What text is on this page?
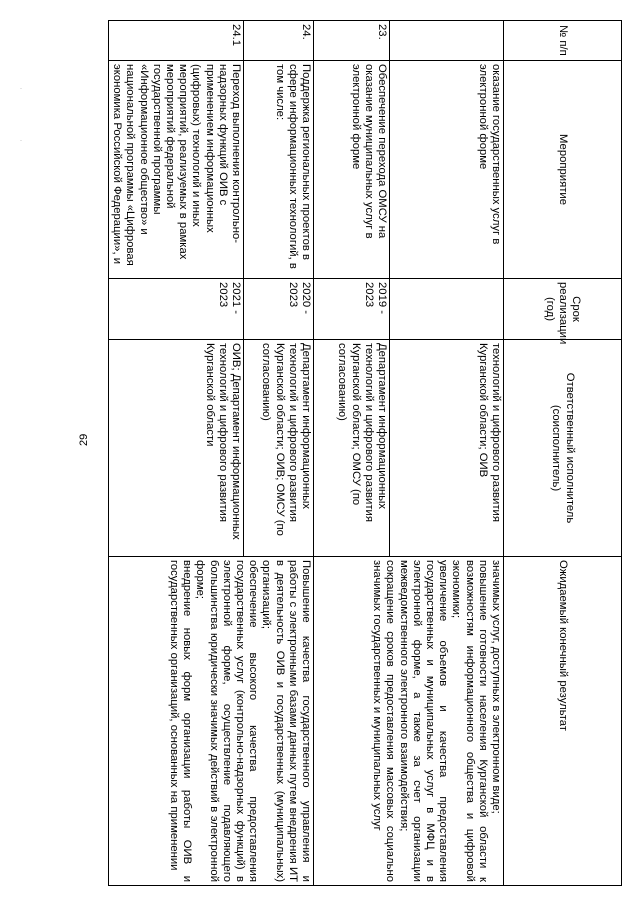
·
·
29
№ п/п	Мероприятие	Срок реализации (год)	Ответственный исполнитель (соисполнитель)	Ожидаемый конечный результат
	оказание государственных услуг в электронной форме		технологий и цифрового развития Курганской области; ОИВ	значимых услуг, доступных в электронном виде;
повышение готовности населения Курганской области к возможностям информационного общества и цифровой экономики;
увеличение объемов и качества предоставления государственных и муниципальных услуг в МФЦ и в электронной форме, а также за счет организации межведомственного электронного взаимодействия;
сокращение сроков предоставления массовых социально значимых государственных и муниципальных услуг

23.	Обеспечение перехода ОМСУ на оказание муниципальных услуг в электронной форме	2019 - 2023	Департамент информационных технологий и цифрового развития Курганской области; ОМСУ (по согласованию)	
24.	Поддержка региональных проектов в сфере информационных технологий, в том числе:	2020 - 2023	Департамент информационных технологий и цифрового развития Курганской области; ОИВ; ОМСУ (по согласованию)	Повышение качества государственного управления и работы с электронными базами данных путем внедрения ИТ в деятельность ОИВ и государственных (муниципальных) организаций;
обеспечение высокого качества предоставления государственных услуг (контрольно-надзорных функций) в электронной форме, осуществление подавляющего большинства юридически значимых действий в электронной форме;
внедрение новых форм организации работы ОИВ и государственных организаций, основанных на применении

24.1	Переход выполнения контрольно-надзорных функций ОИВ с применением информационных (цифровых) технологий и иных мероприятий, реализуемых в рамках мероприятий федеральной государственной программы «Информационное общество» и национальной программы «Цифровая экономика Российской Федерации», и	2021 - 2023	ОИВ; Департамент информационных технологий и цифрового развития Курганской области	
